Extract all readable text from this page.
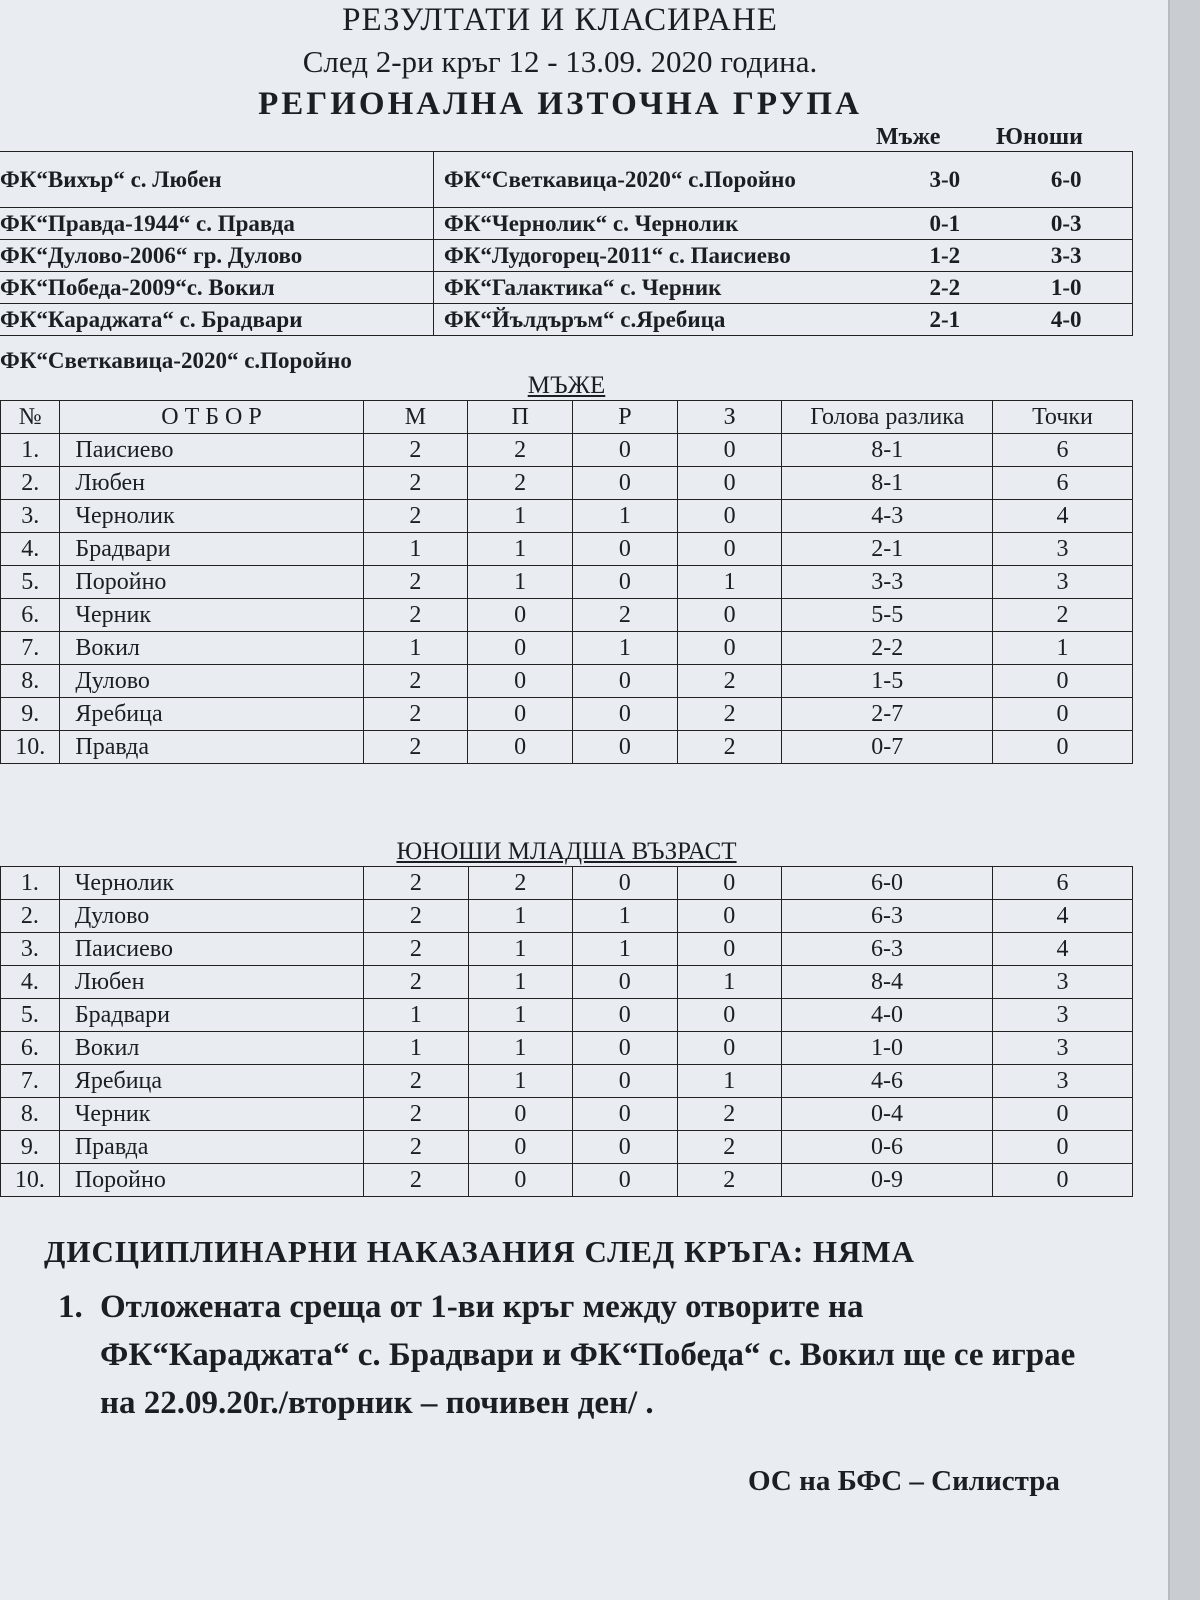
РЕЗУЛТАТИ И КЛАСИРАНЕ
След 2-ри кръг 12 - 13.09. 2020 година.
РЕГИОНАЛНА ИЗТОЧНА ГРУПА
Мъже Юноши
ФК“Вихър“ с. Любен	ФК“Светкавица-2020“ с.Поройно	3-0	6-0
ФК“Правда-1944“ с. Правда	ФК“Чернолик“ с. Чернолик	0-1	0-3
ФК“Дулово-2006“ гр. Дулово	ФК“Лудогорец-2011“ с. Паисиево	1-2	3-3
ФК“Победа-2009“с. Вокил	ФК“Галактика“ с. Черник	2-2	1-0
ФК“Караджата“ с. Брадвари	ФК“Йълдъръм“ с.Яребица	2-1	4-0
ФК“Светкавица-2020“ с.Поройно
МЪЖЕ
№	О Т Б О Р	М	П	Р	З	Голова разлика	Точки
1.	Паисиево	2	2	0	0	8-1	6
2.	Любен	2	2	0	0	8-1	6
3.	Чернолик	2	1	1	0	4-3	4
4.	Брадвари	1	1	0	0	2-1	3
5.	Поройно	2	1	0	1	3-3	3
6.	Черник	2	0	2	0	5-5	2
7.	Вокил	1	0	1	0	2-2	1
8.	Дулово	2	0	0	2	1-5	0
9.	Яребица	2	0	0	2	2-7	0
10.	Правда	2	0	0	2	0-7	0
ЮНОШИ МЛАДША ВЪЗРАСТ
1.	Чернолик	2	2	0	0	6-0	6
2.	Дулово	2	1	1	0	6-3	4
3.	Паисиево	2	1	1	0	6-3	4
4.	Любен	2	1	0	1	8-4	3
5.	Брадвари	1	1	0	0	4-0	3
6.	Вокил	1	1	0	0	1-0	3
7.	Яребица	2	1	0	1	4-6	3
8.	Черник	2	0	0	2	0-4	0
9.	Правда	2	0	0	2	0-6	0
10.	Поройно	2	0	0	2	0-9	0
ДИСЦИПЛИНАРНИ НАКАЗАНИЯ СЛЕД КРЪГА: НЯМА
1. Отложената среща от 1-ви кръг между отворите на ФК“Караджата“ с. Брадвари и ФК“Победа“ с. Вокил ще се играе на 22.09.20г./вторник – почивен ден/ .
ОС на БФС – Силистра
